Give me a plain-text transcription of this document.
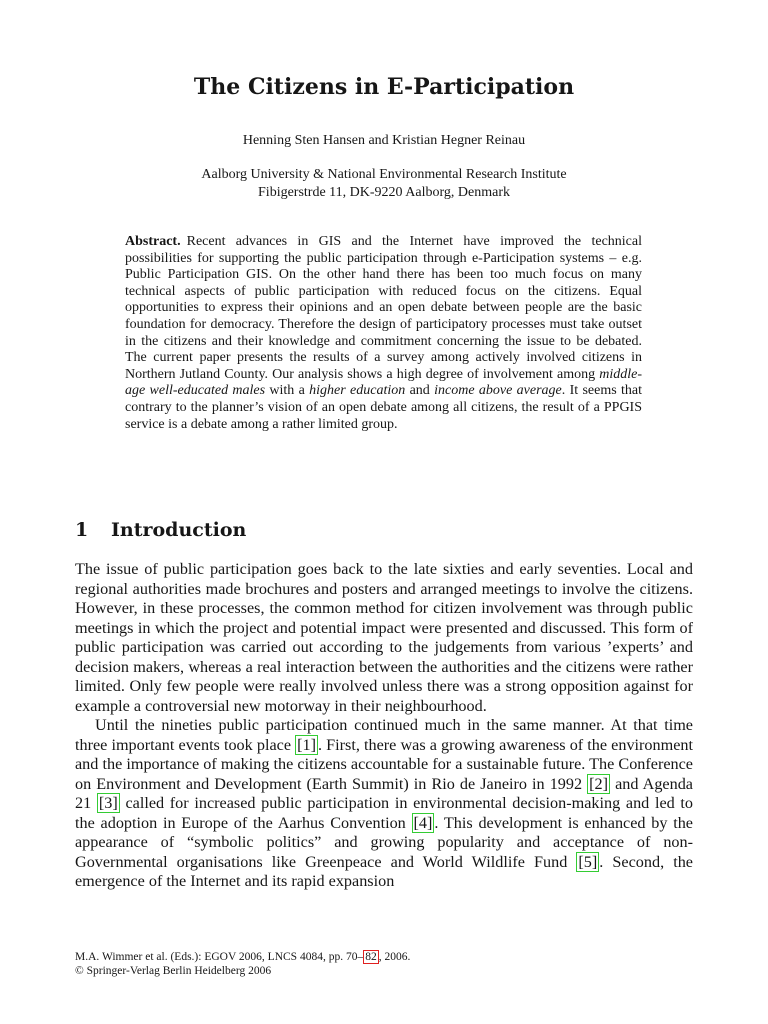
The Citizens in E-Participation
Henning Sten Hansen and Kristian Hegner Reinau
Aalborg University & National Environmental Research Institute
Fibigerstrde 11, DK-9220 Aalborg, Denmark
Abstract. Recent advances in GIS and the Internet have improved the technical possibilities for supporting the public participation through e-Participation systems – e.g. Public Participation GIS. On the other hand there has been too much focus on many technical aspects of public participation with reduced focus on the citizens. Equal opportunities to express their opinions and an open debate between people are the basic foundation for democracy. Therefore the design of participatory processes must take outset in the citizens and their knowledge and commitment concerning the issue to be debated. The current paper presents the results of a survey among actively involved citizens in Northern Jutland County. Our analysis shows a high degree of involvement among middle-age well-educated males with a higher education and income above average. It seems that contrary to the planner’s vision of an open debate among all citizens, the result of a PPGIS service is a debate among a rather limited group.
1 Introduction

The issue of public participation goes back to the late sixties and early seventies. Local and regional authorities made brochures and posters and arranged meetings to involve the citizens. However, in these processes, the common method for citizen involvement was through public meetings in which the project and potential impact were presented and discussed. This form of public participation was carried out according to the judgements from various ’experts’ and decision makers, whereas a real interaction between the authorities and the citizens were rather limited. Only few people were really involved unless there was a strong opposition against for example a controversial new motorway in their neighbourhood.

Until the nineties public participation continued much in the same manner. At that time three important events took place [1] . First, there was a growing awareness of the environment and the importance of making the citizens accountable for a sustainable future. The Conference on Environment and Development (Earth Summit) in Rio de Janeiro in 1992 [2] and Agenda 21 [3] called for increased public participation in environmental decision-making and led to the adoption in Europe of the Aarhus Convention [4] . This development is enhanced by the appearance of “symbolic politics” and growing popularity and acceptance of non-Governmental organisations like Greenpeace and World Wildlife Fund [5] . Second, the emergence of the Internet and its rapid expansion

M.A. Wimmer et al. (Eds.): EGOV 2006, LNCS 4084, pp. 70– 82 , 2006.
© Springer-Verlag Berlin Heidelberg 2006
